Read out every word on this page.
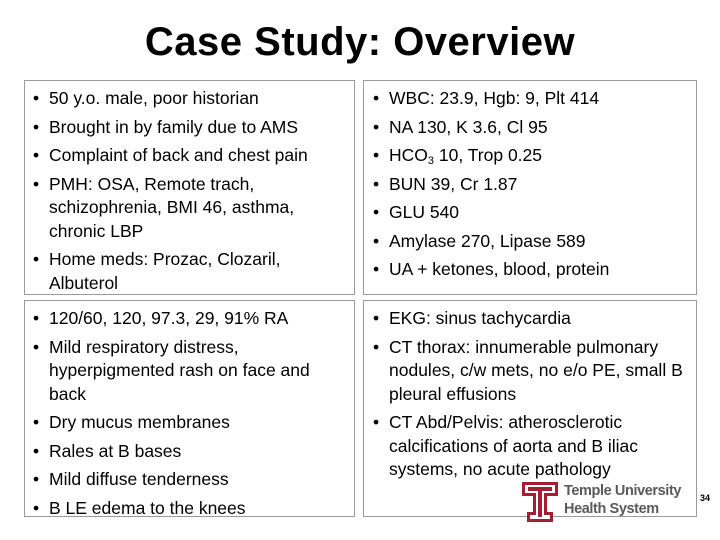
Case Study: Overview
• 50 y.o. male, poor historian
• Brought in by family due to AMS
• Complaint of back and chest pain
• PMH: OSA, Remote trach, schizophrenia, BMI 46, asthma, chronic LBP
• Home meds: Prozac, Clozaril, Albuterol
• WBC: 23.9, Hgb: 9, Plt 414
• NA 130, K 3.6, Cl 95
• $HCO_3$ 10, Trop 0.25
• BUN 39, Cr 1.87
• GLU 540
• Amylase 270, Lipase 589
• UA + ketones, blood, protein
• 120/60, 120, 97.3, 29, 91% RA
• Mild respiratory distress, hyperpigmented rash on face and back
• Dry mucus membranes
• Rales at B bases
• Mild diffuse tenderness
• B LE edema to the knees
• EKG: sinus tachycardia
• CT thorax: innumerable pulmonary nodules, c/w mets, no e/o PE, small B pleural effusions
• CT Abd/Pelvis: atherosclerotic calcifications of aorta and B iliac systems, no acute pathology
Temple University
Health System
34
